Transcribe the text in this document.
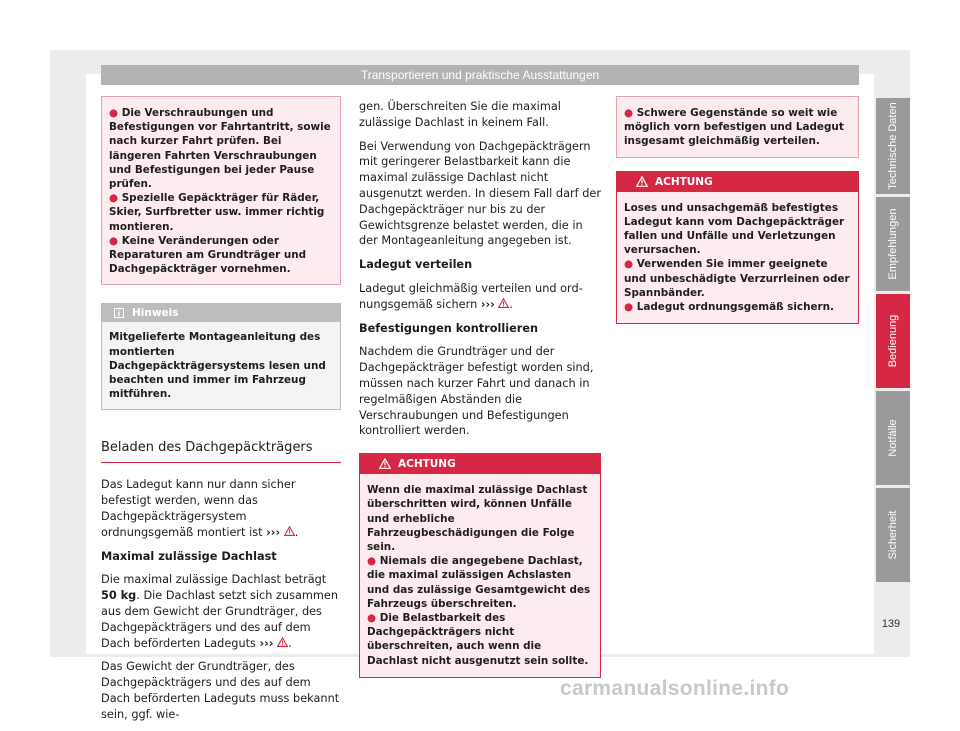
Transportieren und praktische Ausstattungen
● Die Verschraubungen und Befestigungen vor Fahrtantritt, sowie nach kurzer Fahrt prüfen. Bei längeren Fahrten Verschraubungen und Befestigungen bei jeder Pause prüfen.
● Spezielle Gepäckträger für Räder, Skier, Surfbretter usw. immer richtig montieren.
● Keine Veränderungen oder Reparaturen am Grundträger und Dachgepäckträger vornehmen.
Hinweis
Mitgelieferte Montageanleitung des montierten Dachgepäckträgersystems lesen und beachten und immer im Fahrzeug mitführen.
Beladen des Dachgepäckträgers

Das Ladegut kann nur dann sicher befestigt werden, wenn das Dachgepäckträgersystem ordnungsgemäß montiert ist ››› .

Maximal zulässige Dachlast

Die maximal zulässige Dachlast beträgt 50 kg. Die Dachlast setzt sich zusammen aus dem Gewicht der Grundträger, des Dachgepäckträgers und des auf dem Dach beförderten Ladeguts ››› .

Das Gewicht der Grundträger, des Dachgepäckträgers und des auf dem Dach beförderten Ladeguts muss bekannt sein, ggf. wie-

gen. Überschreiten Sie die maximal zulässige Dachlast in keinem Fall.

Bei Verwendung von Dachgepäckträgern mit geringerer Belastbarkeit kann die maximal zulässige Dachlast nicht ausgenutzt werden. In diesem Fall darf der Dachgepäckträger nur bis zu der Gewichtsgrenze belastet werden, die in der Montageanleitung angegeben ist.

Ladegut verteilen

Ladegut gleichmäßig verteilen und ordnungsgemäß sichern ››› .

Befestigungen kontrollieren

Nachdem die Grundträger und der Dachgepäckträger befestigt worden sind, müssen nach kurzer Fahrt und danach in regelmäßigen Abständen die Verschraubungen und Befestigungen kontrolliert werden.

ACHTUNG
Wenn die maximal zulässige Dachlast überschritten wird, können Unfälle und erhebliche Fahrzeugbeschädigungen die Folge sein.
● Niemals die angegebene Dachlast, die maximal zulässigen Achslasten und das zulässige Gesamtgewicht des Fahrzeugs überschreiten.
● Die Belastbarkeit des Dachgepäckträgers nicht überschreiten, auch wenn die Dachlast nicht ausgenutzt sein sollte.
● Schwere Gegenstände so weit wie möglich vorn befestigen und Ladegut insgesamt gleichmäßig verteilen.
ACHTUNG
Loses und unsachgemäß befestigtes Ladegut kann vom Dachgepäckträger fallen und Unfälle und Verletzungen verursachen.
● Verwenden Sie immer geeignete und unbeschädigte Verzurrleinen oder Spannbänder.
● Ladegut ordnungsgemäß sichern.
Technische Daten
Empfehlungen
Bedienung
Notfälle
Sicherheit
139
carmanualsonline.info
